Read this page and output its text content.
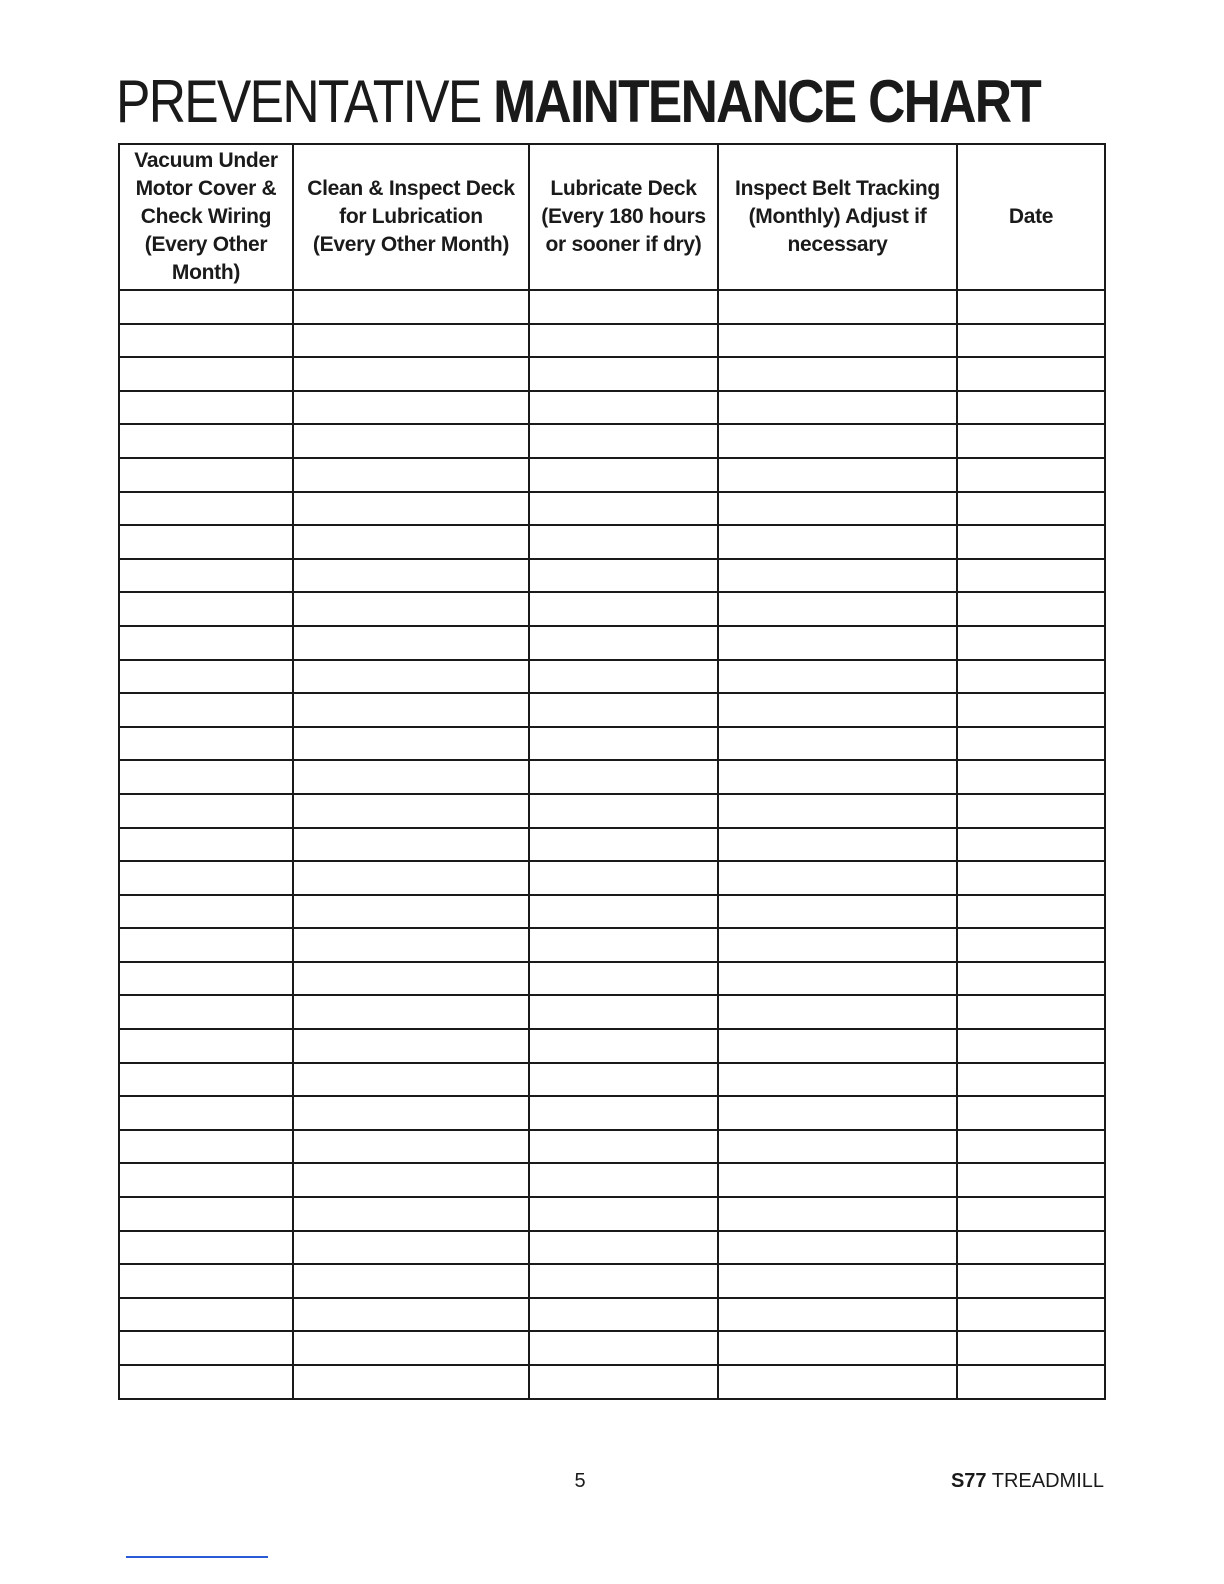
PREVENTATIVE MAINTENANCE CHART
Vacuum Under
Motor Cover &
Check Wiring
(Every Other
Month)	Clean & Inspect Deck
for Lubrication
(Every Other Month)	Lubricate Deck
(Every 180 hours
or sooner if dry)	Inspect Belt Tracking
(Monthly) Adjust if
necessary	Date

5	S77 TREADMILL
